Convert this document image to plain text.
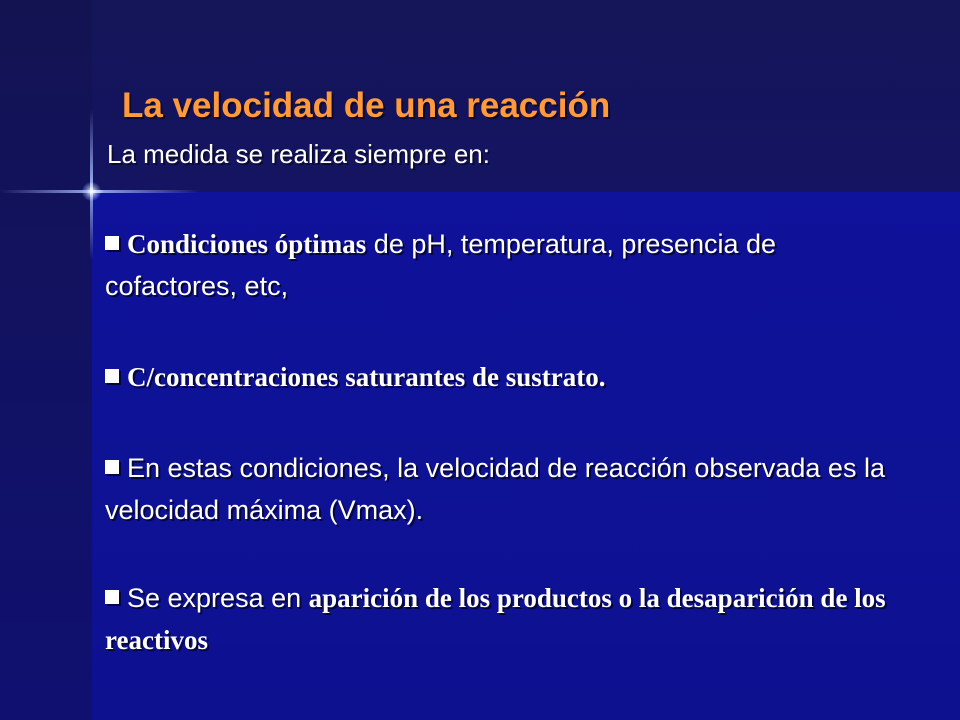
La velocidad de una reacción

La medida se realiza siempre en:

Condiciones óptimas de pH, temperatura, presencia de cofactores, etc,

C/concentraciones saturantes de sustrato.

En estas condiciones, la velocidad de reacción observada es la velocidad máxima (Vmax).

Se expresa en aparición de los productos o la desaparición de los reactivos
